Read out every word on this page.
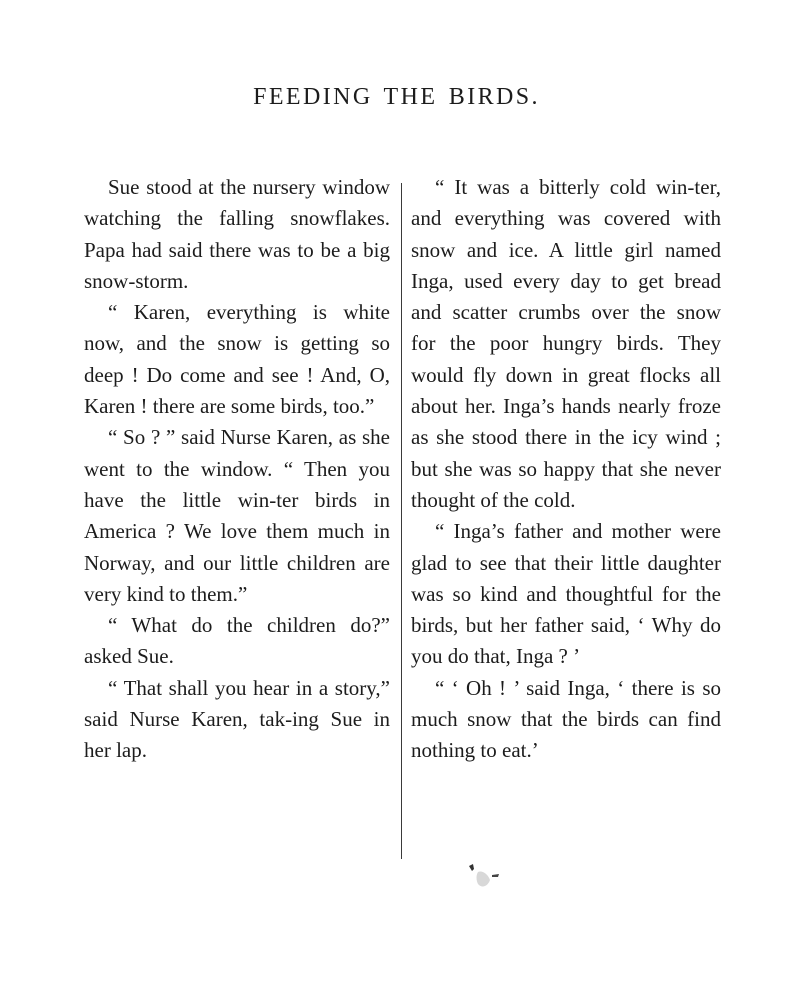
FEEDING THE BIRDS.

Sue stood at the nursery window watching the falling snowflakes. Papa had said there was to be a big snow-storm.

“ Karen, everything is white now, and the snow is getting so deep ! Do come and see ! And, O, Karen ! there are some birds, too.”

“ So ? ” said Nurse Karen, as she went to the window. “ Then you have the little win-ter birds in America ? We love them much in Norway, and our little children are very kind to them.”

“ What do the children do?” asked Sue.

“ That shall you hear in a story,” said Nurse Karen, tak-ing Sue in her lap.

“ It was a bitterly cold win-ter, and everything was covered with snow and ice. A little girl named Inga, used every day to get bread and scatter crumbs over the snow for the poor hungry birds. They would fly down in great flocks all about her. Inga’s hands nearly froze as she stood there in the icy wind ; but she was so happy that she never thought of the cold.

“ Inga’s father and mother were glad to see that their little daughter was so kind and thoughtful for the birds, but her father said, ‘ Why do you do that, Inga ? ’

“ ‘ Oh ! ’ said Inga, ‘ there is so much snow that the birds can find nothing to eat.’
